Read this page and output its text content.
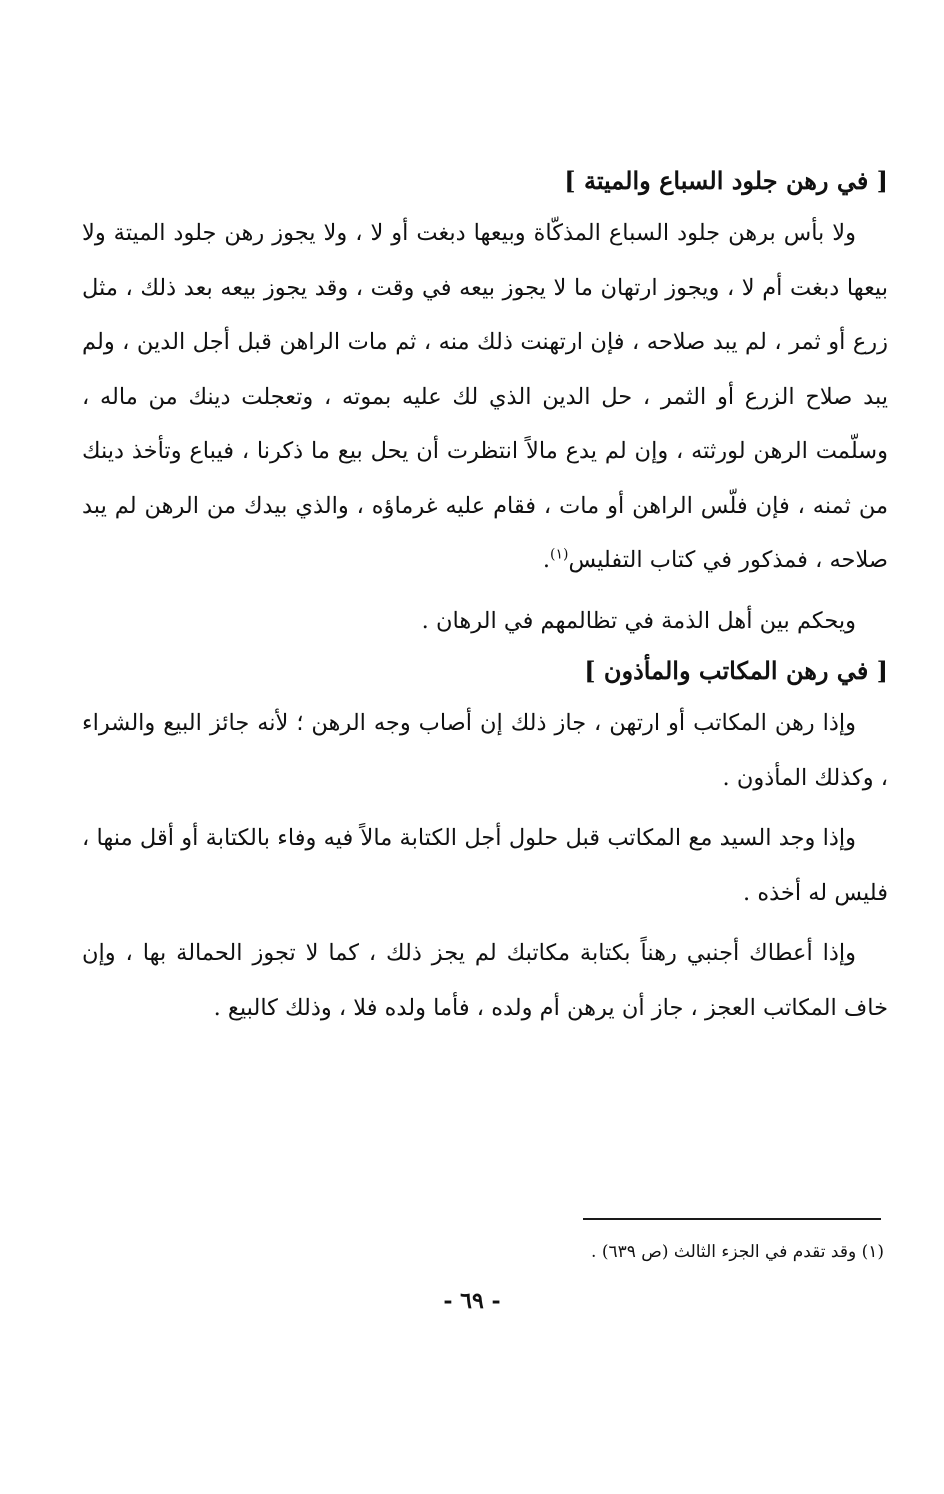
[ في رهن جلود السباع والميتة ]

ولا بأس برهن جلود السباع المذكّاة وبيعها دبغت أو لا ، ولا يجوز رهن جلود الميتة ولا بيعها دبغت أم لا ، ويجوز ارتهان ما لا يجوز بيعه في وقت ، وقد يجوز بيعه بعد ذلك ، مثل زرع أو ثمر ، لم يبد صلاحه ، فإن ارتهنت ذلك منه ، ثم مات الراهن قبل أجل الدين ، ولم يبد صلاح الزرع أو الثمر ، حل الدين الذي لك عليه بموته ، وتعجلت دينك من ماله ، وسلّمت الرهن لورثته ، وإن لم يدع مالاً انتظرت أن يحل بيع ما ذكرنا ، فيباع وتأخذ دينك من ثمنه ، فإن فلّس الراهن أو مات ، فقام عليه غرماؤه ، والذي بيدك من الرهن لم يبد صلاحه ، فمذكور في كتاب التفليس$^{(١)}$.

ويحكم بين أهل الذمة في تظالمهم في الرهان .

[ في رهن المكاتب والمأذون ]

وإذا رهن المكاتب أو ارتهن ، جاز ذلك إن أصاب وجه الرهن ؛ لأنه جائز البيع والشراء ، وكذلك المأذون .

وإذا وجد السيد مع المكاتب قبل حلول أجل الكتابة مالاً فيه وفاء بالكتابة أو أقل منها ، فليس له أخذه .

وإذا أعطاك أجنبي رهناً بكتابة مكاتبك لم يجز ذلك ، كما لا تجوز الحمالة بها ، وإن خاف المكاتب العجز ، جاز أن يرهن أم ولده ، فأما ولده فلا ، وذلك كالبيع .

(١) وقد تقدم في الجزء الثالث (ص ٦٣٩) .
- ٦٩ -
